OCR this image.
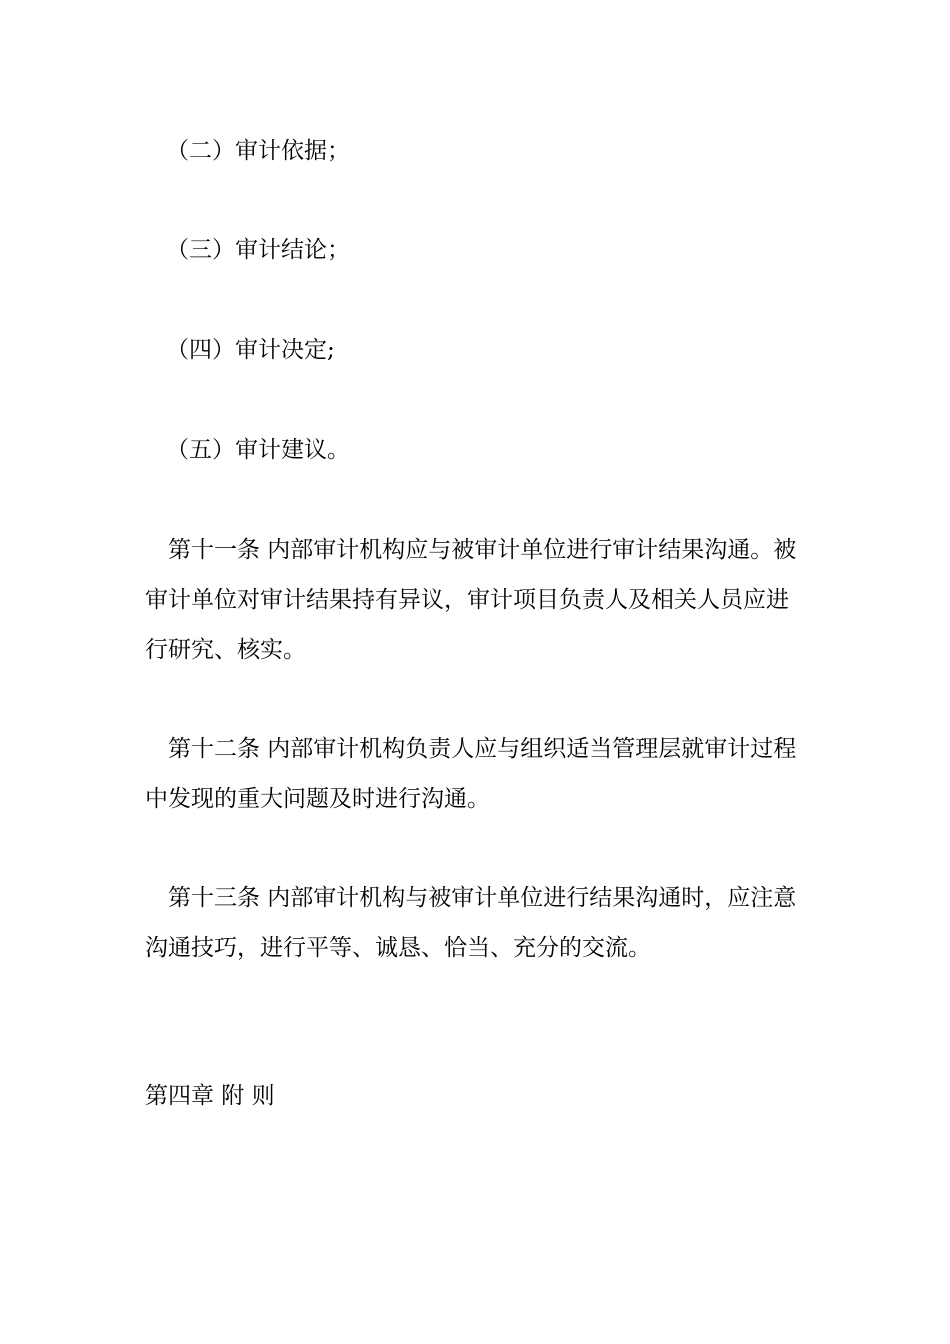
（二）审计依据；
（三）审计结论；
（四）审计决定;
（五）审计建议。
第十一条 内部审计机构应与被审计单位进行审计结果沟通。被审计单位对审计结果持有异议，审计项目负责人及相关人员应进行研究、核实。
第十二条 内部审计机构负责人应与组织适当管理层就审计过程中发现的重大问题及时进行沟通。
第十三条 内部审计机构与被审计单位进行结果沟通时，应注意沟通技巧，进行平等、诚恳、恰当、充分的交流。
第四章 附 则
